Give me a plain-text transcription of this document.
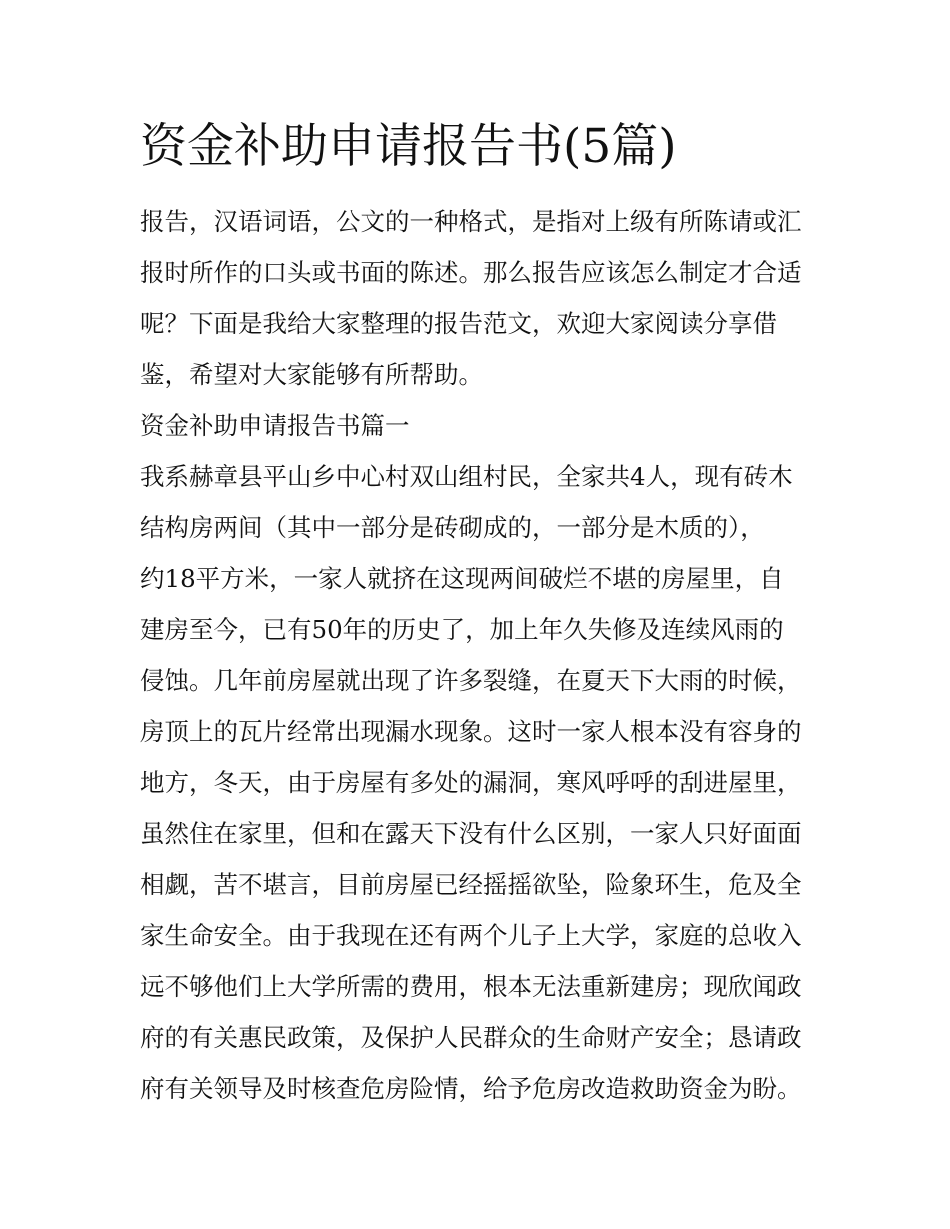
资金补助申请报告书(5篇)

报告，汉语词语，公文的一种格式，是指对上级有所陈请或汇

报时所作的口头或书面的陈述。那么报告应该怎么制定才合适

呢？下面是我给大家整理的报告范文，欢迎大家阅读分享借

鉴，希望对大家能够有所帮助。

资金补助申请报告书篇一

我系赫章县平山乡中心村双山组村民，全家共4人，现有砖木

结构房两间（其中一部分是砖砌成的，一部分是木质的），

约18平方米，一家人就挤在这现两间破烂不堪的房屋里，自

建房至今，已有50年的历史了，加上年久失修及连续风雨的

侵蚀。几年前房屋就出现了许多裂缝，在夏天下大雨的时候，

房顶上的瓦片经常出现漏水现象。这时一家人根本没有容身的

地方，冬天，由于房屋有多处的漏洞，寒风呼呼的刮进屋里，

虽然住在家里，但和在露天下没有什么区别，一家人只好面面

相觑，苦不堪言，目前房屋已经摇摇欲坠，险象环生，危及全

家生命安全。由于我现在还有两个儿子上大学，家庭的总收入

远不够他们上大学所需的费用，根本无法重新建房；现欣闻政

府的有关惠民政策，及保护人民群众的生命财产安全；恳请政

府有关领导及时核查危房险情，给予危房改造救助资金为盼。
